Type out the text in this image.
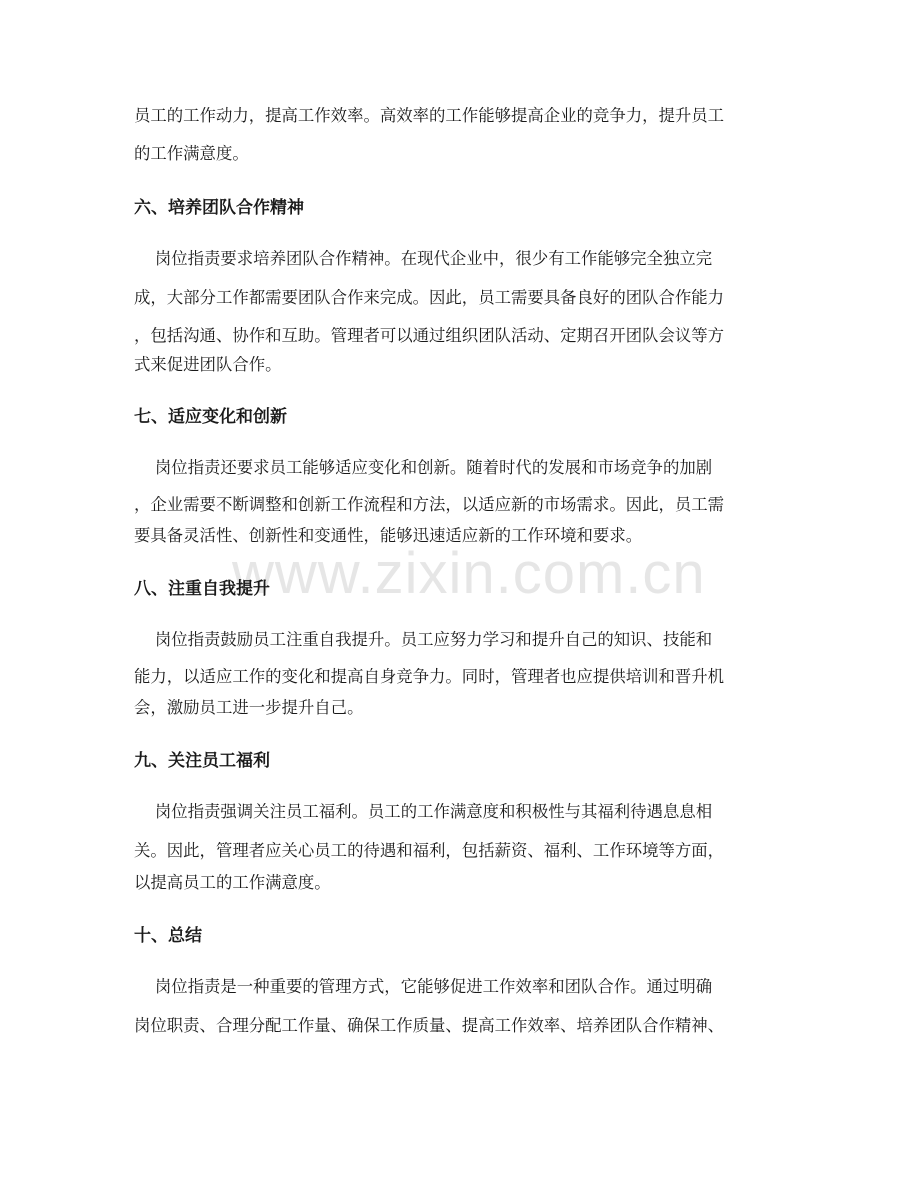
www.zixin.com.cn
员工的工作动力，提高工作效率。高效率的工作能够提高企业的竞争力，提升员工
的工作满意度。
六、培养团队合作精神
岗位指责要求培养团队合作精神。在现代企业中，很少有工作能够完全独立完
成，大部分工作都需要团队合作来完成。因此，员工需要具备良好的团队合作能力
，包括沟通、协作和互助。管理者可以通过组织团队活动、定期召开团队会议等方
式来促进团队合作。
七、适应变化和创新
岗位指责还要求员工能够适应变化和创新。随着时代的发展和市场竞争的加剧
，企业需要不断调整和创新工作流程和方法，以适应新的市场需求。因此，员工需
要具备灵活性、创新性和变通性，能够迅速适应新的工作环境和要求。
八、注重自我提升
岗位指责鼓励员工注重自我提升。员工应努力学习和提升自己的知识、技能和
能力，以适应工作的变化和提高自身竞争力。同时，管理者也应提供培训和晋升机
会，激励员工进一步提升自己。
九、关注员工福利
岗位指责强调关注员工福利。员工的工作满意度和积极性与其福利待遇息息相
关。因此，管理者应关心员工的待遇和福利，包括薪资、福利、工作环境等方面，
以提高员工的工作满意度。
十、总结
岗位指责是一种重要的管理方式，它能够促进工作效率和团队合作。通过明确
岗位职责、合理分配工作量、确保工作质量、提高工作效率、培养团队合作精神、
